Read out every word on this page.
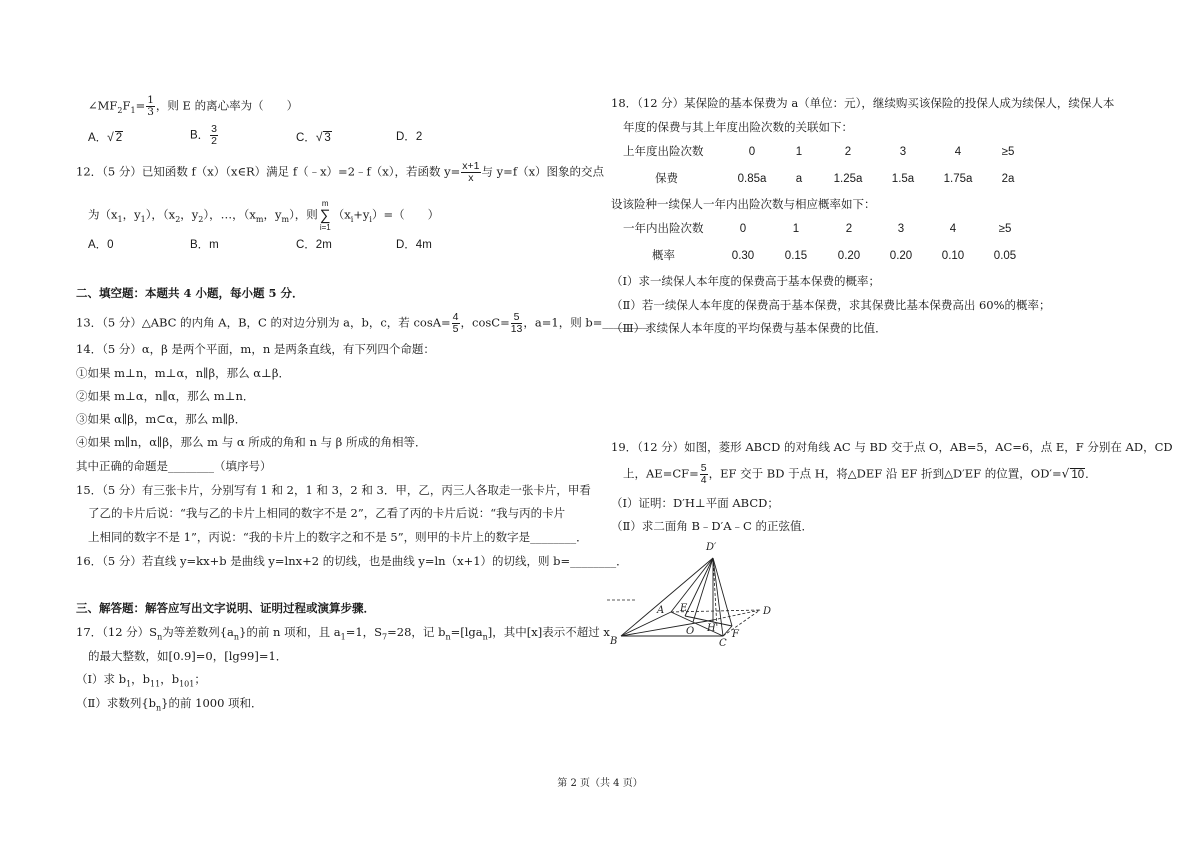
$\angle MF_2F_1= \frac{1}{3}$ ，则 E 的离心率为（　　）
A．√ 2	B． $\frac{3}{2}$	C．√ 3	D．2
12．（5 分）已知函数 f（x）（x∈R）满足 f（﹣x）=2﹣f（x），若函数 $y= \frac{x+1}{x}$ 与 y=f（x）图象的交点
为（$x_1$，$y_1$），（$x_2$，$y_2$），…，（$x_m$，$y_m$），则
m
∑
i=1
$(x_i+y_i)=$（　　）
A．0	B．m	C．2m	D．4m
二、填空题：本题共 4 小题，每小题 5 分．
13．（5 分）△ABC 的内角 A，B，C 的对边分别为 a，b，c，若 $\cos A= \frac{4}{5}$ ，$\cos C= \frac{5}{13}$ ，a=1，则 b=________．
14．（5 分）α，β 是两个平面，m，n 是两条直线，有下列四个命题：
①如果 m⊥n，m⊥α，n∥β，那么 α⊥β．
②如果 m⊥α，n∥α，那么 m⊥n．
③如果 α∥β，m⊂α，那么 m∥β．
④如果 m∥n，α∥β，那么 m 与 α 所成的角和 n 与 β 所成的角相等．
其中正确的命题是________（填序号）
15．（5 分）有三张卡片，分别写有 1 和 2，1 和 3，2 和 3．甲，乙，丙三人各取走一张卡片，甲看
了乙的卡片后说：“我与乙的卡片上相同的数字不是 2”，乙看了丙的卡片后说：“我与丙的卡片
上相同的数字不是 1”，丙说：“我的卡片上的数字之和不是 5”，则甲的卡片上的数字是________．
16．（5 分）若直线 y=kx+b 是曲线 y=lnx+2 的切线，也是曲线 y=ln（x+1）的切线，则 b=________．
三、解答题：解答应写出文字说明、证明过程或演算步骤．
17．（12 分）$S_n$为等差数列$\{a_n\}$的前 n 项和，且 $a_1=1$，$S_7=28$，记 $b_n=[\lg a_n]$，其中[x]表示不超过 x
的最大整数，如[0.9]=0，[lg99]=1．
（Ⅰ）求 $b_1$，$b_{11}$，$b_{101}$；
（Ⅱ）求数列$\{b_n\}$的前 1000 项和．
18．（12 分）某保险的基本保费为 a（单位：元），继续购买该保险的投保人成为续保人，续保人本
年度的保费与其上年度出险次数的关联如下：
上年度出险次数	0	1	2	3	4	≥5
保费	0.85a	a	1.25a	1.5a	1.75a	2a
设该险种一续保人一年内出险次数与相应概率如下：
一年内出险次数	0	1	2	3	4	≥5
概率	0.30	0.15	0.20	0.20	0.10	0.05
（Ⅰ）求一续保人本年度的保费高于基本保费的概率；
（Ⅱ）若一续保人本年度的保费高于基本保费，求其保费比基本保费高出 60%的概率；
（Ⅲ）求续保人本年度的平均保费与基本保费的比值．
19．（12 分）如图，菱形 ABCD 的对角线 AC 与 BD 交于点 O，AB=5，AC=6，点 E，F 分别在 AD，CD
上，$AE=CF= \frac{5}{4}$ ，EF 交于 BD 于点 H，将△DEF 沿 EF 折到△D′EF 的位置，OD′=√ 10．
（Ⅰ）证明：D′H⊥平面 ABCD；
（Ⅱ）求二面角 B﹣D′A﹣C 的正弦值．
D′
A E	D
O H
B	C
F
第 2 页（共 4 页）
